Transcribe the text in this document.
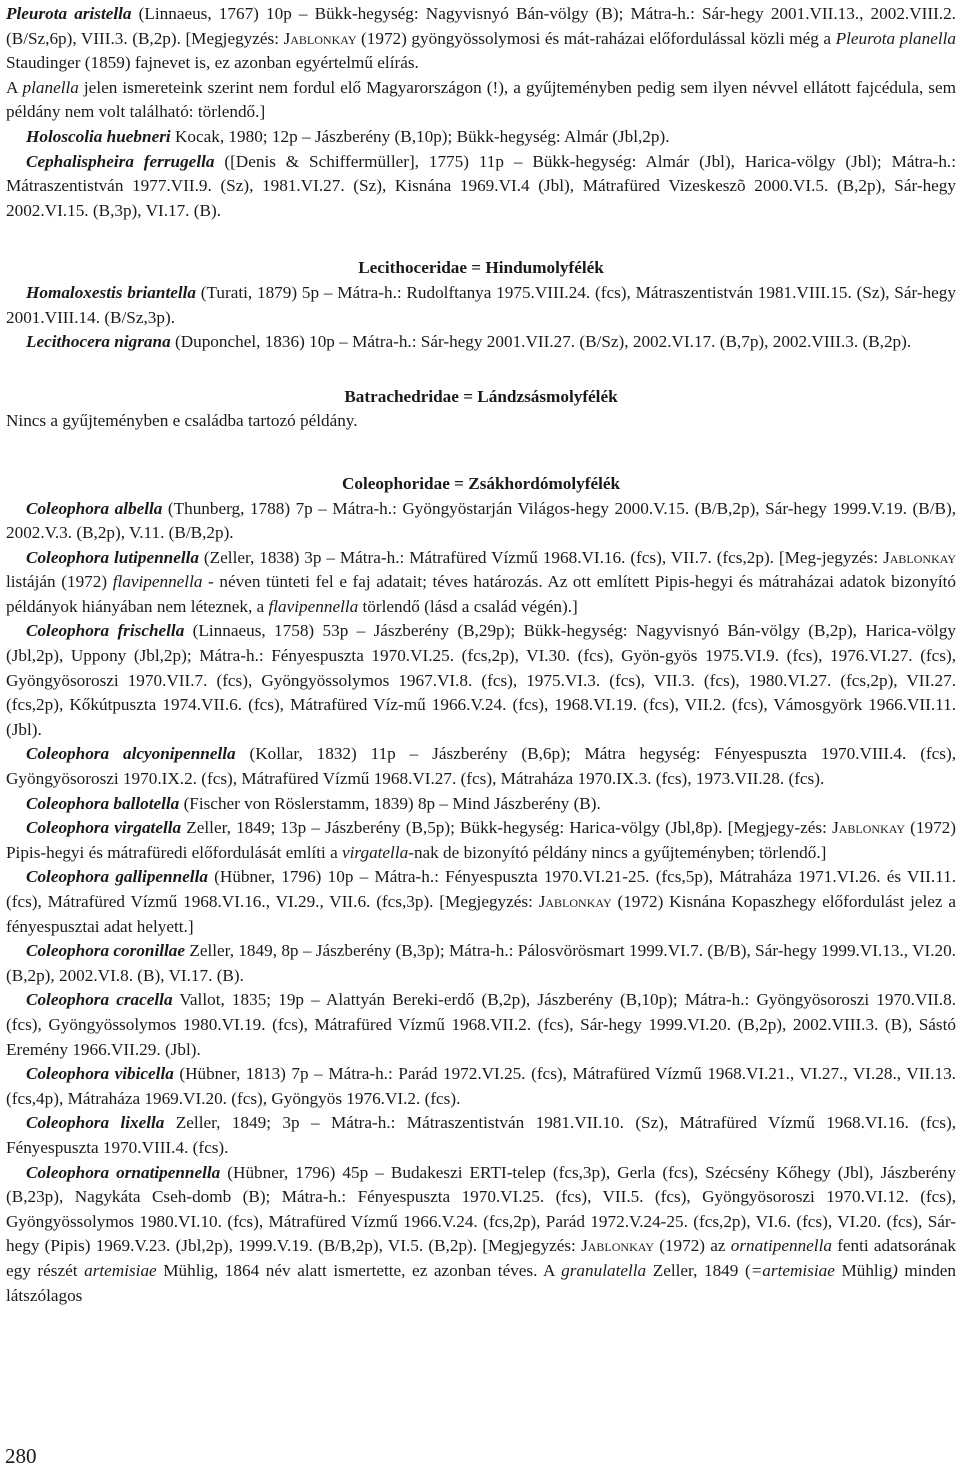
Pleurota aristella (Linnaeus, 1767) 10p – Bükk-hegység: Nagyvisnyó Bán-völgy (B); Mátra-h.: Sár-hegy 2001.VII.13., 2002.VIII.2. (B/Sz,6p), VIII.3. (B,2p). [Megjegyzés: Jablonkay (1972) gyöngyössolymosi és mát-raházai előfordulással közli még a Pleurota planella Staudinger (1859) fajnevet is, ez azonban egyértelmű elírás.

A planella jelen ismereteink szerint nem fordul elő Magyarországon (!), a gyűjteményben pedig sem ilyen névvel ellátott fajcédula, sem példány nem volt található: törlendő.]

Holoscolia huebneri Kocak, 1980; 12p – Jászberény (B,10p); Bükk-hegység: Almár (Jbl,2p).

Cephalispheira ferrugella ([Denis & Schiffermüller], 1775) 11p – Bükk-hegység: Almár (Jbl), Harica-völgy (Jbl); Mátra-h.: Mátraszentistván 1977.VII.9. (Sz), 1981.VI.27. (Sz), Kisnána 1969.VI.4 (Jbl), Mátrafüred Vizeskeszõ 2000.VI.5. (B,2p), Sár-hegy 2002.VI.15. (B,3p), VI.17. (B).

Lecithoceridae = Hindumolyfélék

Homaloxestis briantella (Turati, 1879) 5p – Mátra-h.: Rudolftanya 1975.VIII.24. (fcs), Mátraszentistván 1981.VIII.15. (Sz), Sár-hegy 2001.VIII.14. (B/Sz,3p).

Lecithocera nigrana (Duponchel, 1836) 10p – Mátra-h.: Sár-hegy 2001.VII.27. (B/Sz), 2002.VI.17. (B,7p), 2002.VIII.3. (B,2p).

Batrachedridae = Lándzsásmolyfélék

Nincs a gyűjteményben e családba tartozó példány.

Coleophoridae = Zsákhordómolyfélék

Coleophora albella (Thunberg, 1788) 7p – Mátra-h.: Gyöngyöstarján Világos-hegy 2000.V.15. (B/B,2p), Sár-hegy 1999.V.19. (B/B), 2002.V.3. (B,2p), V.11. (B/B,2p).

Coleophora lutipennella (Zeller, 1838) 3p – Mátra-h.: Mátrafüred Vízmű 1968.VI.16. (fcs), VII.7. (fcs,2p). [Meg-jegyzés: Jablonkay listáján (1972) flavipennella - néven tünteti fel e faj adatait; téves határozás. Az ott említett Pipis-hegyi és mátraházai adatok bizonyító példányok hiányában nem léteznek, a flavipennella törlendő (lásd a család végén).]

Coleophora frischella (Linnaeus, 1758) 53p – Jászberény (B,29p); Bükk-hegység: Nagyvisnyó Bán-völgy (B,2p), Harica-völgy (Jbl,2p), Uppony (Jbl,2p); Mátra-h.: Fényespuszta 1970.VI.25. (fcs,2p), VI.30. (fcs), Gyön-gyös 1975.VI.9. (fcs), 1976.VI.27. (fcs), Gyöngyösoroszi 1970.VII.7. (fcs), Gyöngyössolymos 1967.VI.8. (fcs), 1975.VI.3. (fcs), VII.3. (fcs), 1980.VI.27. (fcs,2p), VII.27. (fcs,2p), Kőkútpuszta 1974.VII.6. (fcs), Mátrafüred Víz-mű 1966.V.24. (fcs), 1968.VI.19. (fcs), VII.2. (fcs), Vámosgyörk 1966.VII.11. (Jbl).

Coleophora alcyonipennella (Kollar, 1832) 11p – Jászberény (B,6p); Mátra hegység: Fényespuszta 1970.VIII.4. (fcs), Gyöngyösoroszi 1970.IX.2. (fcs), Mátrafüred Vízmű 1968.VI.27. (fcs), Mátraháza 1970.IX.3. (fcs), 1973.VII.28. (fcs).

Coleophora ballotella (Fischer von Röslerstamm, 1839) 8p – Mind Jászberény (B).

Coleophora virgatella Zeller, 1849; 13p – Jászberény (B,5p); Bükk-hegység: Harica-völgy (Jbl,8p). [Megjegy-zés: Jablonkay (1972) Pipis-hegyi és mátrafüredi előfordulását említi a virgatella-nak de bizonyító példány nincs a gyűjteményben; törlendő.]

Coleophora gallipennella (Hübner, 1796) 10p – Mátra-h.: Fényespuszta 1970.VI.21-25. (fcs,5p), Mátraháza 1971.VI.26. és VII.11. (fcs), Mátrafüred Vízmű 1968.VI.16., VI.29., VII.6. (fcs,3p). [Megjegyzés: Jablonkay (1972) Kisnána Kopaszhegy előfordulást jelez a fényespusztai adat helyett.]

Coleophora coronillae Zeller, 1849, 8p – Jászberény (B,3p); Mátra-h.: Pálosvörösmart 1999.VI.7. (B/B), Sár-hegy 1999.VI.13., VI.20. (B,2p), 2002.VI.8. (B), VI.17. (B).

Coleophora cracella Vallot, 1835; 19p – Alattyán Bereki-erdő (B,2p), Jászberény (B,10p); Mátra-h.: Gyöngyösoroszi 1970.VII.8. (fcs), Gyöngyössolymos 1980.VI.19. (fcs), Mátrafüred Vízmű 1968.VII.2. (fcs), Sár-hegy 1999.VI.20. (B,2p), 2002.VIII.3. (B), Sástó Eremény 1966.VII.29. (Jbl).

Coleophora vibicella (Hübner, 1813) 7p – Mátra-h.: Parád 1972.VI.25. (fcs), Mátrafüred Vízmű 1968.VI.21., VI.27., VI.28., VII.13. (fcs,4p), Mátraháza 1969.VI.20. (fcs), Gyöngyös 1976.VI.2. (fcs).

Coleophora lixella Zeller, 1849; 3p – Mátra-h.: Mátraszentistván 1981.VII.10. (Sz), Mátrafüred Vízmű 1968.VI.16. (fcs), Fényespuszta 1970.VIII.4. (fcs).

Coleophora ornatipennella (Hübner, 1796) 45p – Budakeszi ERTI-telep (fcs,3p), Gerla (fcs), Szécsény Kőhegy (Jbl), Jászberény (B,23p), Nagykáta Cseh-domb (B); Mátra-h.: Fényespuszta 1970.VI.25. (fcs), VII.5. (fcs), Gyöngyösoroszi 1970.VI.12. (fcs), Gyöngyössolymos 1980.VI.10. (fcs), Mátrafüred Vízmű 1966.V.24. (fcs,2p), Parád 1972.V.24-25. (fcs,2p), VI.6. (fcs), VI.20. (fcs), Sár-hegy (Pipis) 1969.V.23. (Jbl,2p), 1999.V.19. (B/B,2p), VI.5. (B,2p). [Megjegyzés: Jablonkay (1972) az ornatipennella fenti adatsorának egy részét artemisiae Mühlig, 1864 név alatt ismertette, ez azonban téves. A granulatella Zeller, 1849 (=artemisiae Mühlig) minden látszólagos

280
